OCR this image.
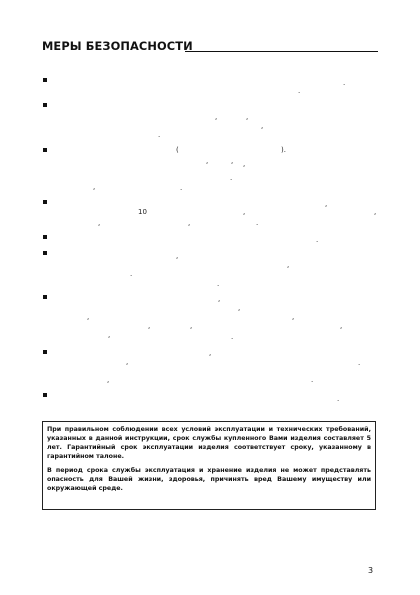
МЕРЫ БЕЗОПАСНОСТИ
.
.
,	,
,
.
(	).
,	, ,
.
,	.
,
10	,	,
,	,	.
.
,
,
.
.
,
,
,	,
,	,	,
,	.
,
,	.
,	.
.

При правильном соблюдении всех условий эксплуатации и технических требований, указанных в данной инструкции, срок службы купленного Вами изделия составляет 5 лет. Гарантийный срок эксплуатации изделия соответствует сроку, указанному в гарантийном талоне.

В период срока службы эксплуатация и хранение изделия не может представлять опасность для Вашей жизни, здоровья, причинять вред Вашему имуществу или окружающей среде.

3
